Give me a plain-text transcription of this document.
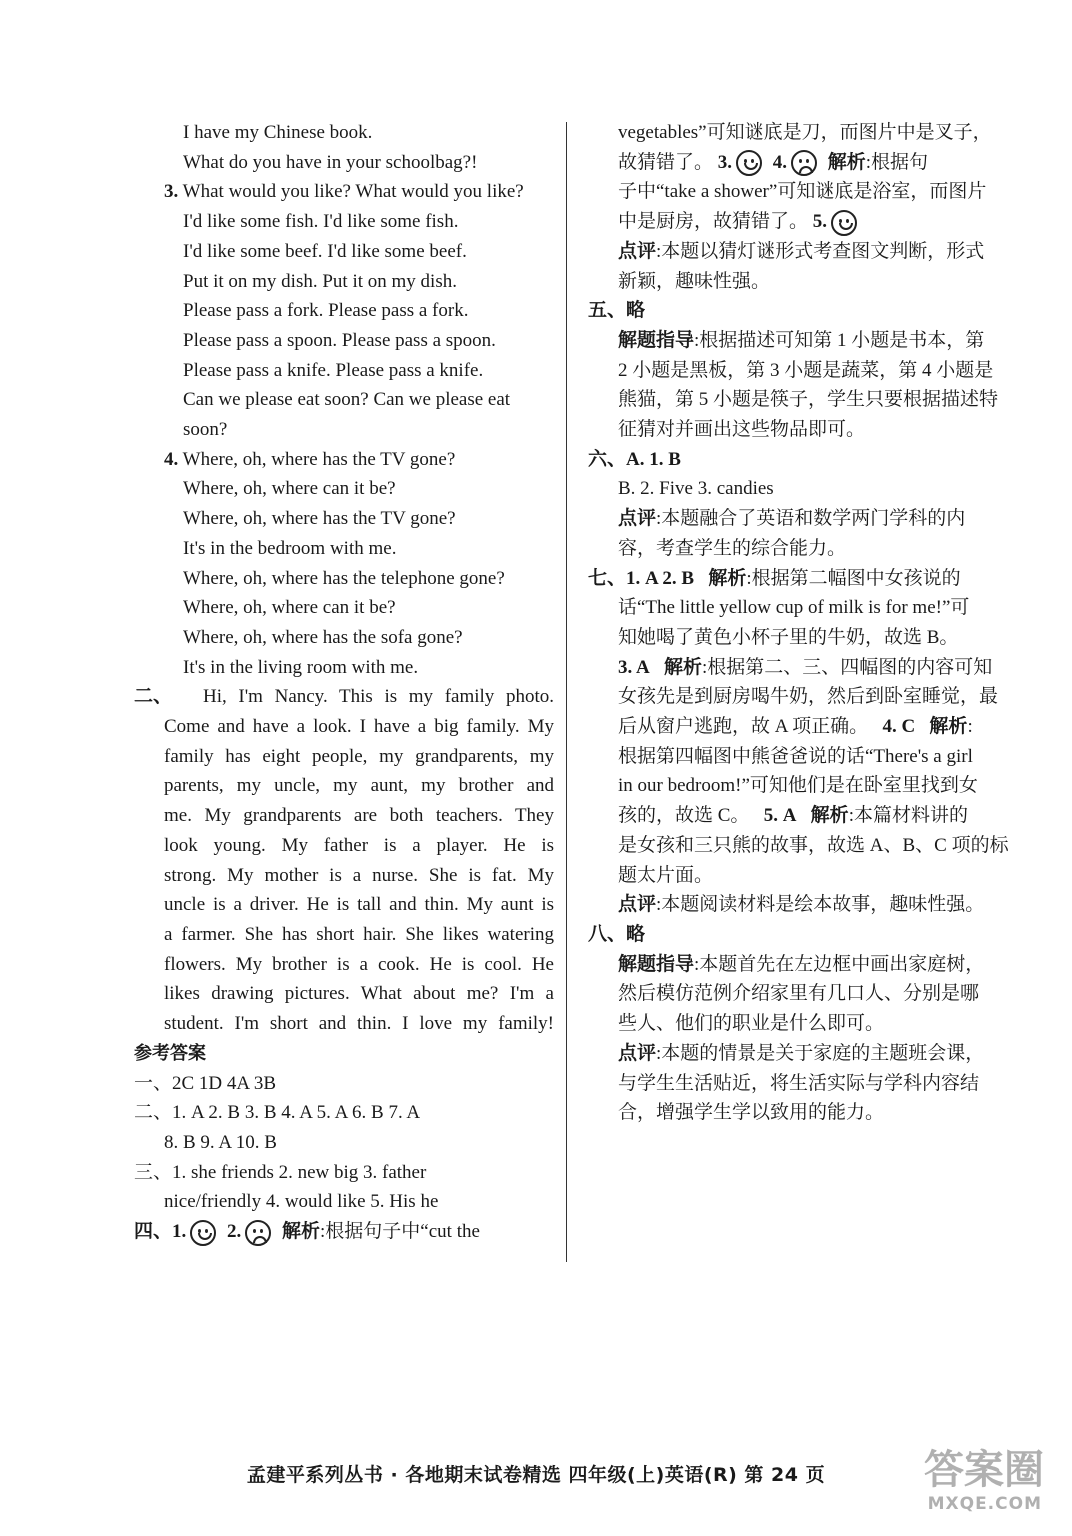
I have my Chinese book.
What do you have in your schoolbag?!
3. What would you like? What would you like?
I'd like some fish. I'd like some fish.
I'd like some beef. I'd like some beef.
Put it on my dish. Put it on my dish.
Please pass a fork. Please pass a fork.
Please pass a spoon. Please pass a spoon.
Please pass a knife. Please pass a knife.
Can we please eat soon? Can we please eat
soon?
4. Where, oh, where has the TV gone?
Where, oh, where can it be?
Where, oh, where has the TV gone?
It's in the bedroom with me.
Where, oh, where has the telephone gone?
Where, oh, where can it be?
Where, oh, where has the sofa gone?
It's in the living room with me.
二、 Hi, I'm Nancy. This is my family photo.
Come and have a look. I have a big family. My
family has eight people, my grandparents, my
parents, my uncle, my aunt, my brother and
me. My grandparents are both teachers. They
look young. My father is a player. He is
strong. My mother is a nurse. She is fat. My
uncle is a driver. He is tall and thin. My aunt is
a farmer. She has short hair. She likes watering
flowers. My brother is a cook. He is cool. He
likes drawing pictures. What about me? I'm a
student. I'm short and thin. I love my family!
参考答案
一、2C 1D 4A 3B
二、1. A 2. B 3. B 4. A 5. A 6. B 7. A
8. B 9. A 10. B
三、1. she friends 2. new big 3. father
nice/friendly 4. would like 5. His he
四、1. 2. 解析:根据句子中“cut the
vegetables”可知谜底是刀，而图片中是叉子，
故猜错了。 3. 4. 解析:根据句
子中“take a shower”可知谜底是浴室，而图片
中是厨房，故猜错了。 5.
点评:本题以猜灯谜形式考查图文判断，形式
新颖，趣味性强。
五、略
解题指导:根据描述可知第 1 小题是书本，第
2 小题是黑板，第 3 小题是蔬菜，第 4 小题是
熊猫，第 5 小题是筷子，学生只要根据描述特
征猜对并画出这些物品即可。
六、A. 1. B
B. 2. Five 3. candies
点评:本题融合了英语和数学两门学科的内
容，考查学生的综合能力。
七、1. A 2. B 解析:根据第二幅图中女孩说的
话“The little yellow cup of milk is for me!”可
知她喝了黄色小杯子里的牛奶，故选 B。
3. A 解析:根据第二、三、四幅图的内容可知
女孩先是到厨房喝牛奶，然后到卧室睡觉，最
后从窗户逃跑，故 A 项正确。 4. C 解析:
根据第四幅图中熊爸爸说的话“There's a girl
in our bedroom!”可知他们是在卧室里找到女
孩的，故选 C。 5. A 解析:本篇材料讲的
是女孩和三只熊的故事，故选 A、B、C 项的标
题太片面。
点评:本题阅读材料是绘本故事，趣味性强。
八、略
解题指导:本题首先在左边框中画出家庭树，
然后模仿范例介绍家里有几口人、分别是哪
些人、他们的职业是什么即可。
点评:本题的情景是关于家庭的主题班会课，
与学生生活贴近，将生活实际与学科内容结
合，增强学生学以致用的能力。
孟建平系列丛书 · 各地期末试卷精选 四年级(上)英语(R) 第 24 页	答案圈
MXQE.COM
